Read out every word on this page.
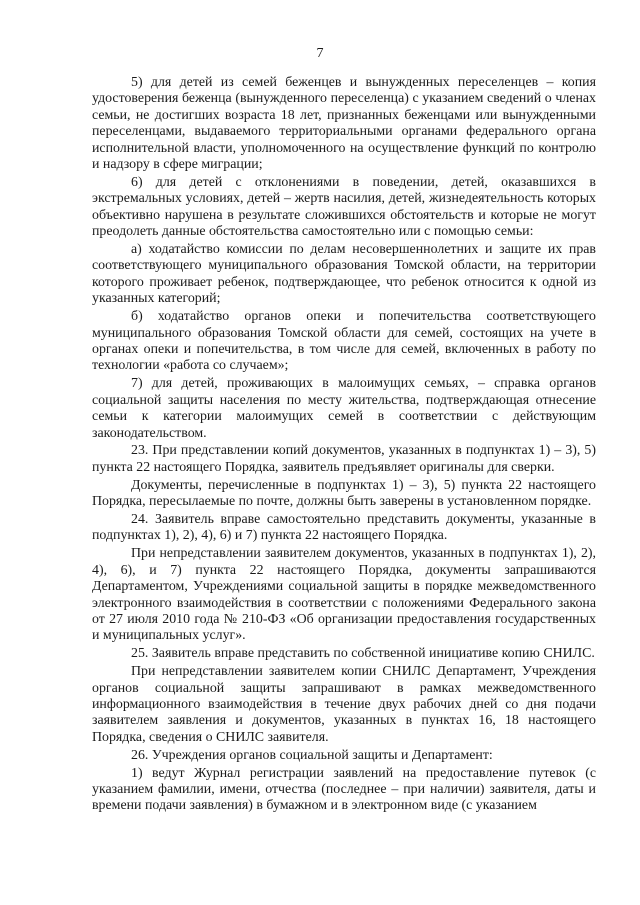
7

5) для детей из семей беженцев и вынужденных переселенцев – копия удостоверения беженца (вынужденного переселенца) с указанием сведений о членах семьи, не достигших возраста 18 лет, признанных беженцами или вынужденными переселенцами, выдаваемого территориальными органами федерального органа исполнительной власти, уполномоченного на осуществление функций по контролю и надзору в сфере миграции;

6) для детей с отклонениями в поведении, детей, оказавшихся в экстремальных условиях, детей – жертв насилия, детей, жизнедеятельность которых объективно нарушена в результате сложившихся обстоятельств и которые не могут преодолеть данные обстоятельства самостоятельно или с помощью семьи:

а) ходатайство комиссии по делам несовершеннолетних и защите их прав соответствующего муниципального образования Томской области, на территории которого проживает ребенок, подтверждающее, что ребенок относится к одной из указанных категорий;

б) ходатайство органов опеки и попечительства соответствующего муниципального образования Томской области для семей, состоящих на учете в органах опеки и попечительства, в том числе для семей, включенных в работу по технологии «работа со случаем»;

7) для детей, проживающих в малоимущих семьях, – справка органов социальной защиты населения по месту жительства, подтверждающая отнесение семьи к категории малоимущих семей в соответствии с действующим законодательством.

23. При представлении копий документов, указанных в подпунктах 1) – 3), 5) пункта 22 настоящего Порядка, заявитель предъявляет оригиналы для сверки.

Документы, перечисленные в подпунктах 1) – 3), 5) пункта 22 настоящего Порядка, пересылаемые по почте, должны быть заверены в установленном порядке.

24. Заявитель вправе самостоятельно представить документы, указанные в подпунктах 1), 2), 4), 6) и 7) пункта 22 настоящего Порядка.

При непредставлении заявителем документов, указанных в подпунктах 1), 2), 4), 6), и 7) пункта 22 настоящего Порядка, документы запрашиваются Департаментом, Учреждениями социальной защиты в порядке межведомственного электронного взаимодействия в соответствии с положениями Федерального закона от 27 июля 2010 года № 210-ФЗ «Об организации предоставления государственных и муниципальных услуг».

25. Заявитель вправе представить по собственной инициативе копию СНИЛС.

При непредставлении заявителем копии СНИЛС Департамент, Учреждения органов социальной защиты запрашивают в рамках межведомственного информационного взаимодействия в течение двух рабочих дней со дня подачи заявителем заявления и документов, указанных в пунктах 16, 18 настоящего Порядка, сведения о СНИЛС заявителя.

26. Учреждения органов социальной защиты и Департамент:

1) ведут Журнал регистрации заявлений на предоставление путевок (с указанием фамилии, имени, отчества (последнее – при наличии) заявителя, даты и времени подачи заявления) в бумажном и в электронном виде (с указанием
